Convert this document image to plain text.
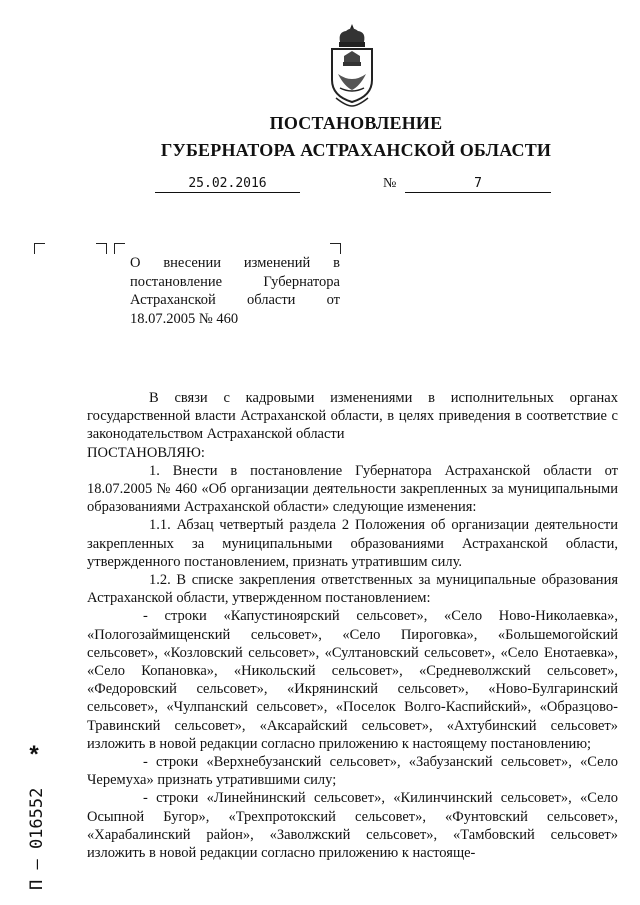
ПОСТАНОВЛЕНИЕ
ГУБЕРНАТОРА АСТРАХАНСКОЙ ОБЛАСТИ
25.02.2016	№	7

О внесении изменений в постановление Губернатора Астраханской области от 18.07.2005 № 460

В связи с кадровыми изменениями в исполнительных органах государственной власти Астраханской области, в целях приведения в соответствие с законодательством Астраханской области

ПОСТАНОВЛЯЮ:

1. Внести в постановление Губернатора Астраханской области от 18.07.2005 № 460 «Об организации деятельности закрепленных за муниципальными образованиями Астраханской области» следующие изменения:

1.1. Абзац четвертый раздела 2 Положения об организации деятельности закрепленных за муниципальными образованиями Астраханской области, утвержденного постановлением, признать утратившим силу.

1.2. В списке закрепления ответственных за муниципальные образования Астраханской области, утвержденном постановлением:

- строки «Капустиноярский сельсовет», «Село Ново-Николаевка», «Пологозаймищенский сельсовет», «Село Пироговка», «Большемогойский сельсовет», «Козловский сельсовет», «Султановский сельсовет», «Село Енотаевка», «Село Копановка», «Никольский сельсовет», «Средневолжский сельсовет», «Федоровский сельсовет», «Икрянинский сельсовет», «Ново-Булгаринский сельсовет», «Чулпанский сельсовет», «Поселок Волго-Каспийский», «Образцово-Травинский сельсовет», «Аксарайский сельсовет», «Ахтубинский сельсовет» изложить в новой редакции согласно приложению к настоящему постановлению;

- строки «Верхнебузанский сельсовет», «Забузанский сельсовет», «Село Черемуха» признать утратившими силу;

- строки «Линейнинский сельсовет», «Килинчинский сельсовет», «Село Осыпной Бугор», «Трехпротокский сельсовет», «Фунтовский сельсовет», «Харабалинский район», «Заволжский сельсовет», «Тамбовский сельсовет» изложить в новой редакции согласно приложению к настояще-

*
П – 016552
